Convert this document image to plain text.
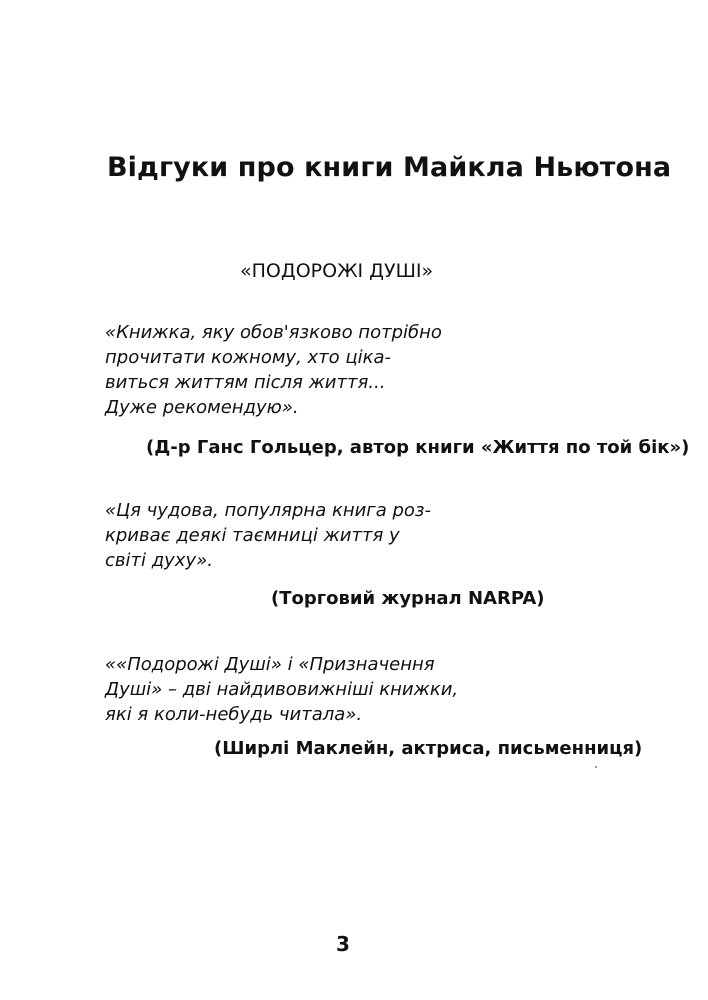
Відгуки про книги Майкла Ньютона
«ПОДОРОЖІ ДУШІ»
«Книжка, яку обов'язково потрібно
прочитати кожному, хто ціка-
виться життям після життя...
Дуже рекомендую».
(Д-р Ганс Гольцер, автор книги «Життя по той бік»)
«Ця чудова, популярна книга роз-
криває деякі таємниці життя у
світі духу».
(Торговий журнал NARPA)
««Подорожі Душі» і «Призначення
Душі» – дві найдивовижніші книжки,
які я коли-небудь читала».
(Ширлі Маклейн, актриса, письменниця)
3
